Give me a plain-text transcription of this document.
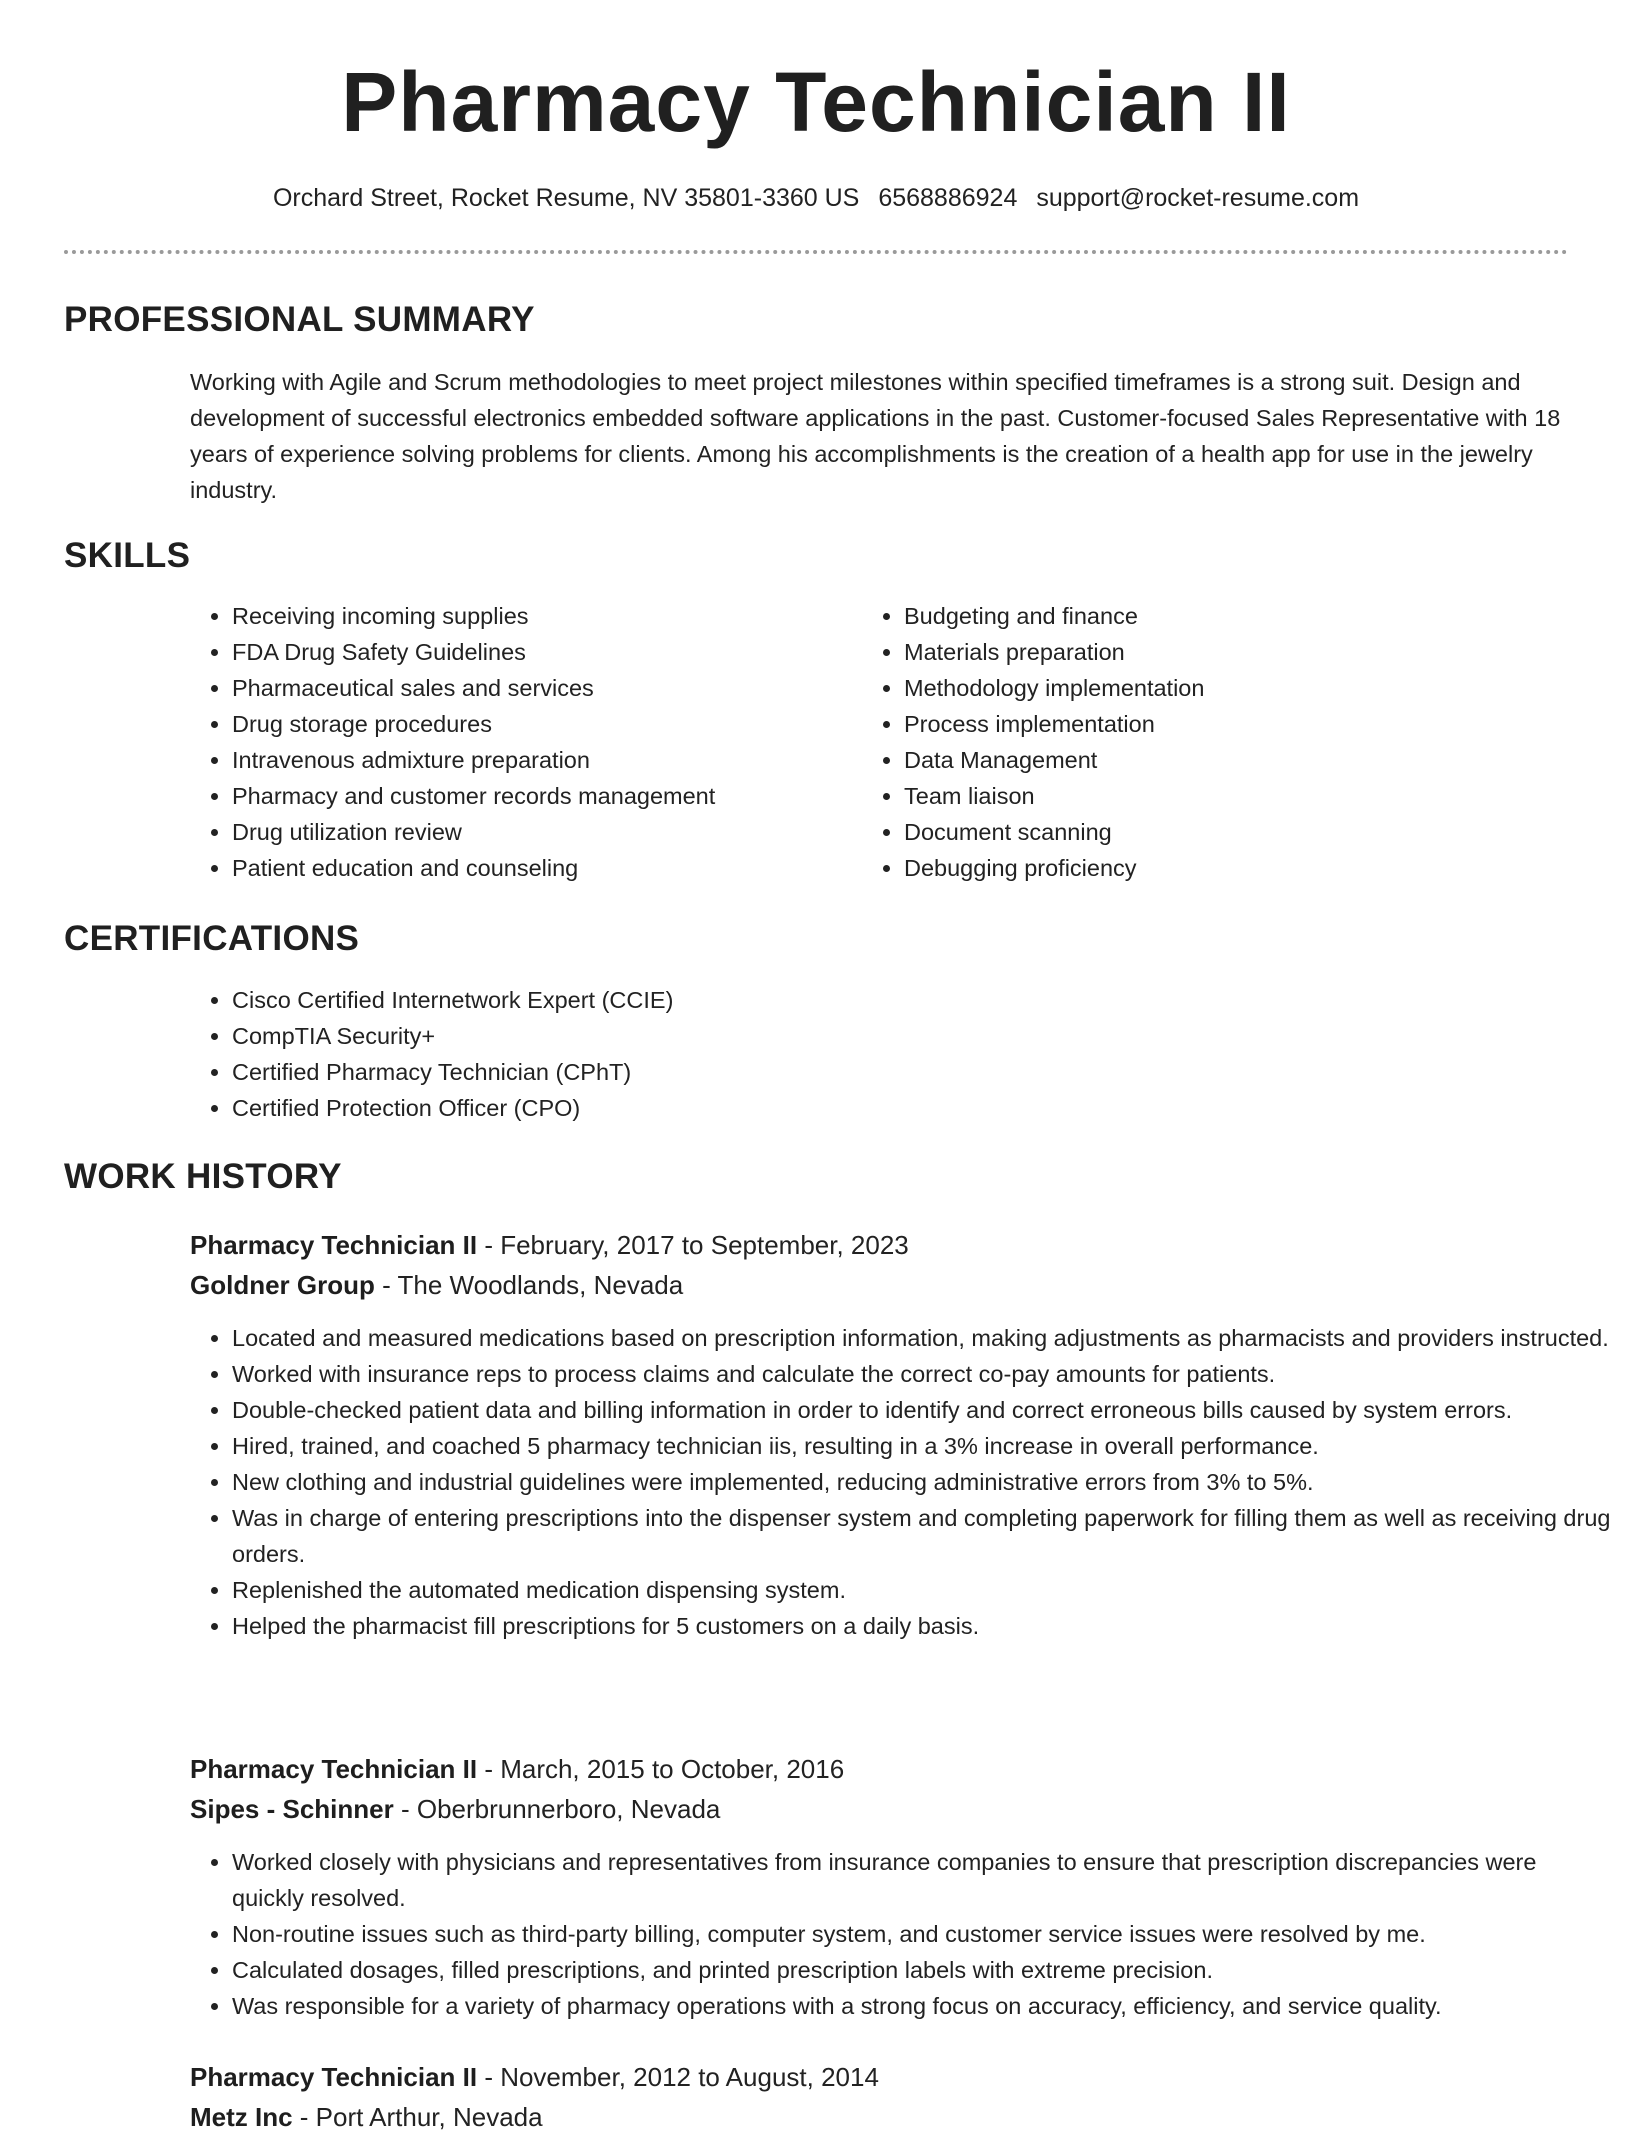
Pharmacy Technician II
Orchard Street, Rocket Resume, NV 35801-3360 US 6568886924 support@rocket-resume.com
PROFESSIONAL SUMMARY
Working with Agile and Scrum methodologies to meet project milestones within specified timeframes is a strong suit. Design and development of successful electronics embedded software applications in the past. Customer-focused Sales Representative with 18 years of experience solving problems for clients. Among his accomplishments is the creation of a health app for use in the jewelry industry.
SKILLS
• Receiving incoming supplies
• FDA Drug Safety Guidelines
• Pharmaceutical sales and services
• Drug storage procedures
• Intravenous admixture preparation
• Pharmacy and customer records management
• Drug utilization review
• Patient education and counseling
• Budgeting and finance
• Materials preparation
• Methodology implementation
• Process implementation
• Data Management
• Team liaison
• Document scanning
• Debugging proficiency
CERTIFICATIONS
• Cisco Certified Internetwork Expert (CCIE)
• CompTIA Security+
• Certified Pharmacy Technician (CPhT)
• Certified Protection Officer (CPO)
WORK HISTORY
Pharmacy Technician II - February, 2017 to September, 2023
Goldner Group - The Woodlands, Nevada
• Located and measured medications based on prescription information, making adjustments as pharmacists and providers instructed.
• Worked with insurance reps to process claims and calculate the correct co-pay amounts for patients.
• Double-checked patient data and billing information in order to identify and correct erroneous bills caused by system errors.
• Hired, trained, and coached 5 pharmacy technician iis, resulting in a 3% increase in overall performance.
• New clothing and industrial guidelines were implemented, reducing administrative errors from 3% to 5%.
• Was in charge of entering prescriptions into the dispenser system and completing paperwork for filling them as well as receiving drug orders.
• Replenished the automated medication dispensing system.
• Helped the pharmacist fill prescriptions for 5 customers on a daily basis.
Pharmacy Technician II - March, 2015 to October, 2016
Sipes - Schinner - Oberbrunnerboro, Nevada
• Worked closely with physicians and representatives from insurance companies to ensure that prescription discrepancies were quickly resolved.
• Non-routine issues such as third-party billing, computer system, and customer service issues were resolved by me.
• Calculated dosages, filled prescriptions, and printed prescription labels with extreme precision.
• Was responsible for a variety of pharmacy operations with a strong focus on accuracy, efficiency, and service quality.
Pharmacy Technician II - November, 2012 to August, 2014
Metz Inc - Port Arthur, Nevada
